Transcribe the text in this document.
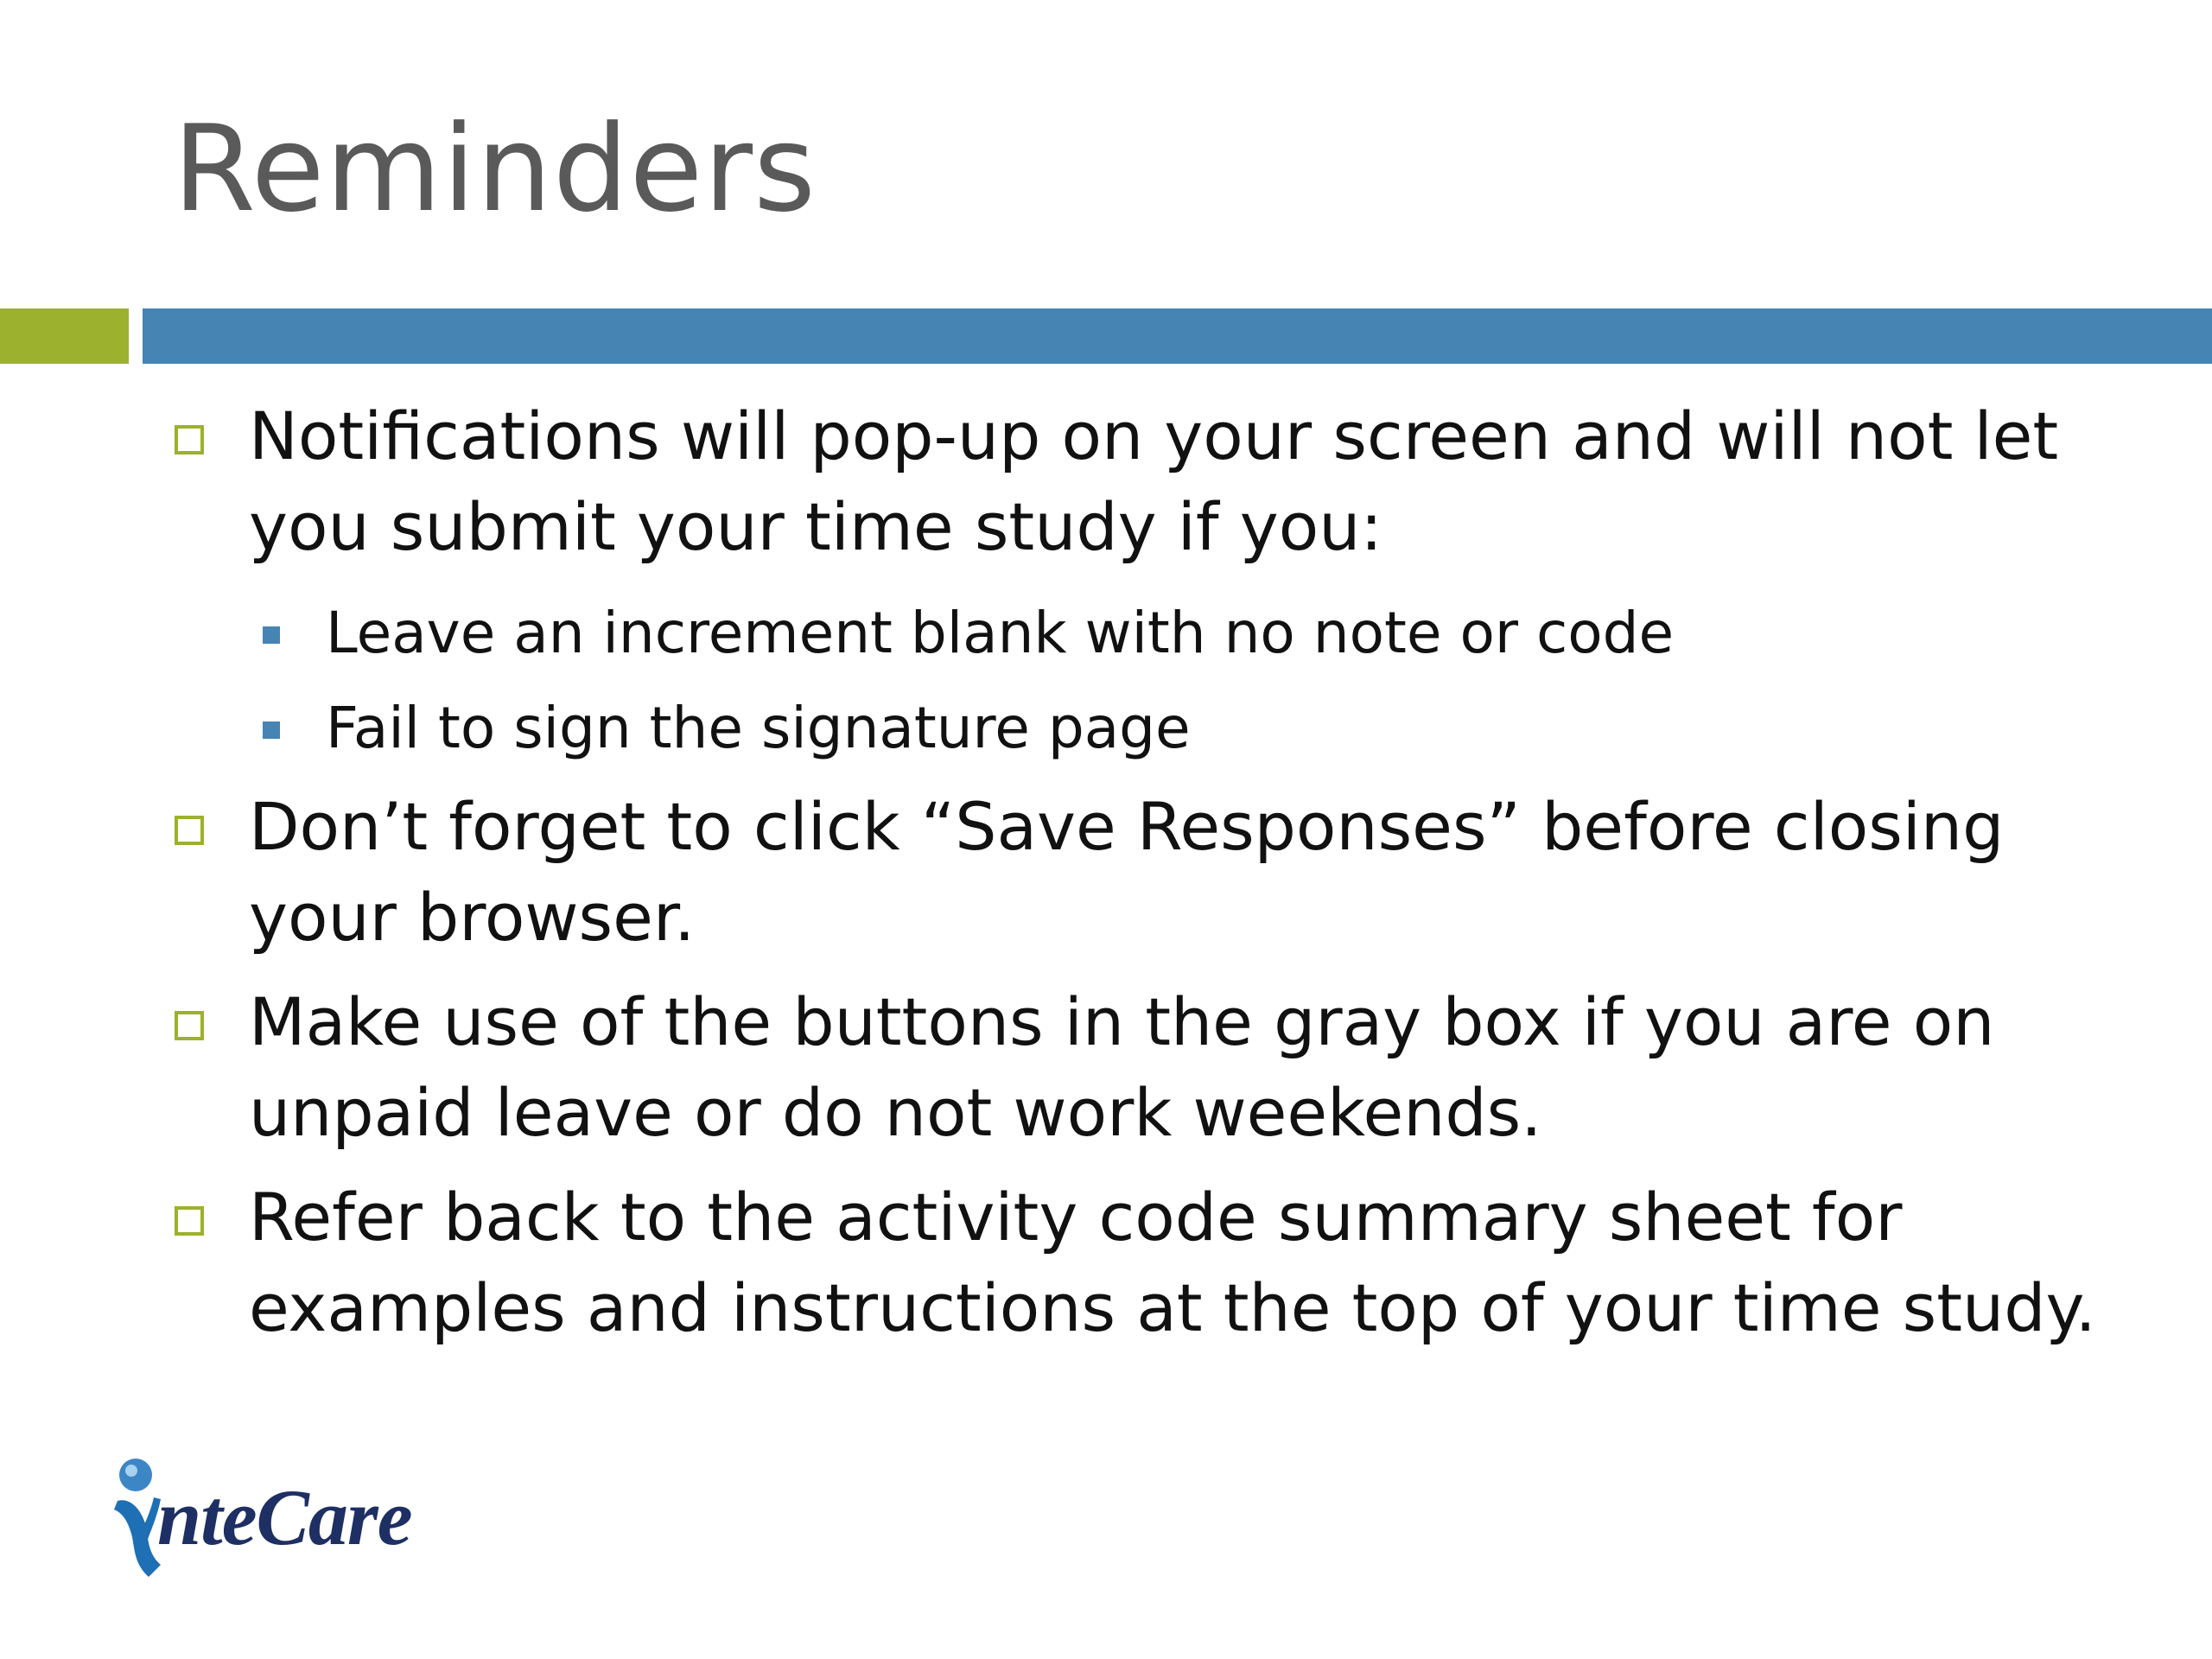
Reminders
Notifications will pop-up on your screen and will not let you submit your time study if you:
Leave an increment blank with no note or code
Fail to sign the signature page
Don’t forget to click “Save Responses” before closing your browser.
Make use of the buttons in the gray box if you are on unpaid leave or do not work weekends.
Refer back to the activity code summary sheet for examples and instructions at the top of your time study.
nteCare
